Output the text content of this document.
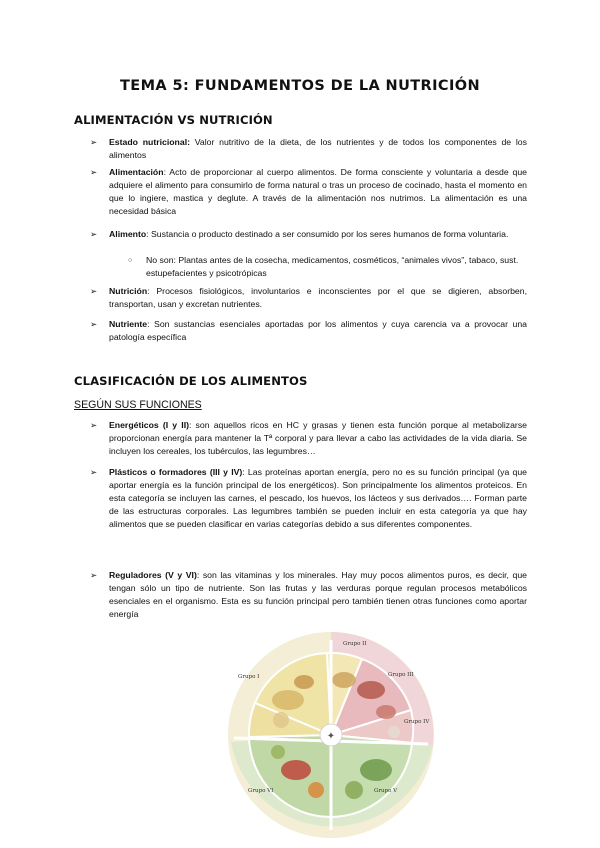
TEMA 5: FUNDAMENTOS DE LA NUTRICIÓN
ALIMENTACIÓN VS NUTRICIÓN
➢ Estado nutricional: Valor nutritivo de la dieta, de los nutrientes y de todos los componentes de los alimentos
➢ Alimentación: Acto de proporcionar al cuerpo alimentos. De forma consciente y voluntaria a desde que adquiere el alimento para consumirlo de forma natural o tras un proceso de cocinado, hasta el momento en que lo ingiere, mastica y deglute. A través de la alimentación nos nutrimos. La alimentación es una necesidad básica
➢ Alimento: Sustancia o producto destinado a ser consumido por los seres humanos de forma voluntaria.
○ No son: Plantas antes de la cosecha, medicamentos, cosméticos, “animales vivos”, tabaco, sust. estupefacientes y psicotrópicas
➢ Nutrición: Procesos fisiológicos, involuntarios e inconscientes por el que se digieren, absorben, transportan, usan y excretan nutrientes.
➢ Nutriente: Son sustancias esenciales aportadas por los alimentos y cuya carencia va a provocar una patología específica
CLASIFICACIÓN DE LOS ALIMENTOS
SEGÚN SUS FUNCIONES
➢ Energéticos (I y II): son aquellos ricos en HC y grasas y tienen esta función porque al metabolizarse proporcionan energía para mantener la Tª corporal y para llevar a cabo las actividades de la vida diaria. Se incluyen los cereales, los tubérculos, las legumbres…
➢ Plásticos o formadores (III y IV): Las proteínas aportan energía, pero no es su función principal (ya que aportar energía es la función principal de los energéticos). Son principalmente los alimentos proteicos. En esta categoría se incluyen las carnes, el pescado, los huevos, los lácteos y sus derivados…. Forman parte de las estructuras corporales. Las legumbres también se pueden incluir en esta categoría ya que hay alimentos que se pueden clasificar en varias categorías debido a sus diferentes componentes.
➢ Reguladores (V y VI): son las vitaminas y los minerales. Hay muy pocos alimentos puros, es decir, que tengan sólo un tipo de nutriente. Son las frutas y las verduras porque regulan procesos metabólicos esenciales en el organismo. Esta es su función principal pero también tienen otras funciones como aportar energía
✦
Grupo II
Grupo I	Grupo III
Grupo IV
Grupo VI	Grupo V
